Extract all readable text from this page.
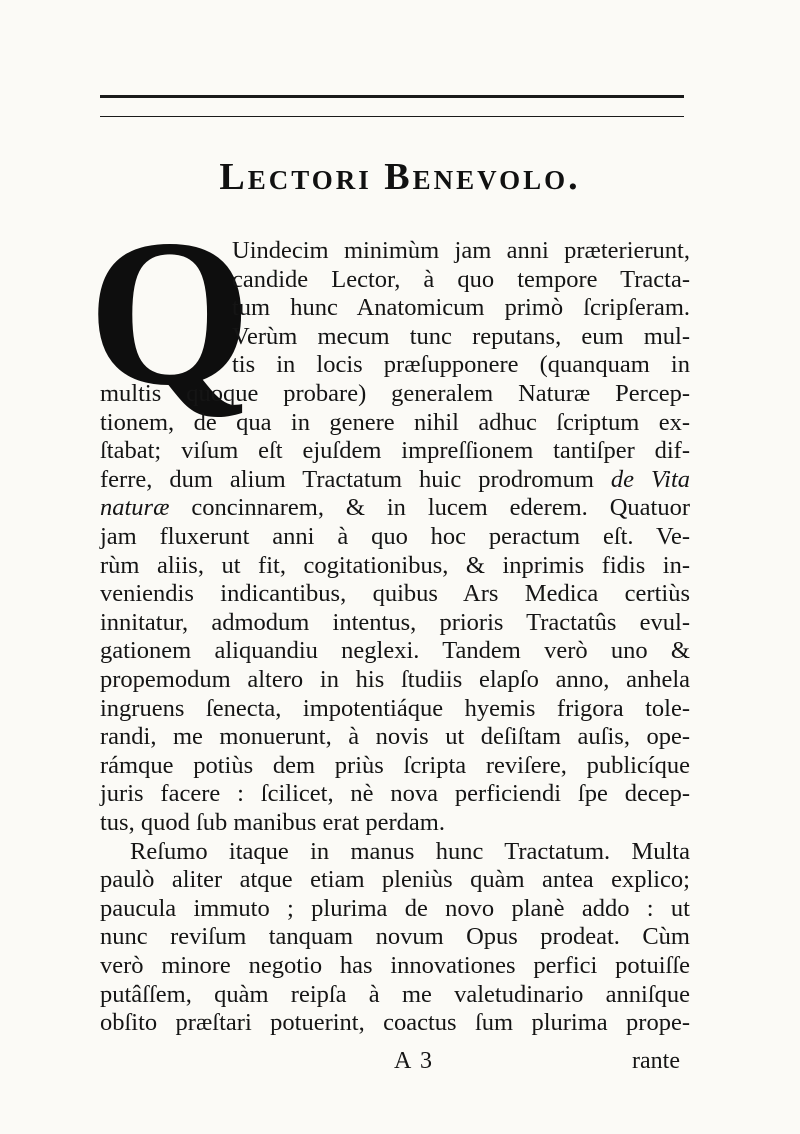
Lectori Benevolo.
Q
Uindecim minimùm jam anni præterierunt,
candide Lector, à quo tempore Tracta-
tum hunc Anatomicum primò ſcripſeram.
Verùm mecum tunc reputans, eum mul-
tis in locis præſupponere (quanquam in
multis quoque probare) generalem Naturæ Percep-
tionem, de qua in genere nihil adhuc ſcriptum ex-
ſtabat; viſum eſt ejuſdem impreſſionem tantiſper dif-
ferre, dum alium Tractatum huic prodromum de Vita
naturæ concinnarem, & in lucem ederem. Quatuor
jam fluxerunt anni à quo hoc peractum eſt. Ve-
rùm aliis, ut fit, cogitationibus, & inprimis fidis in-
veniendis indicantibus, quibus Ars Medica certiùs
innitatur, admodum intentus, prioris Tractatûs evul-
gationem aliquandiu neglexi. Tandem verò uno &
propemodum altero in his ſtudiis elapſo anno, anhela
ingruens ſenecta, impotentiáque hyemis frigora tole-
randi, me monuerunt, à novis ut deſiſtam auſis, ope-
rámque potiùs dem priùs ſcripta reviſere, publicíque
juris facere : ſcilicet, nè nova perficiendi ſpe decep-
tus, quod ſub manibus erat perdam.
Reſumo itaque in manus hunc Tractatum. Multa
paulò aliter atque etiam pleniùs quàm antea explico;
paucula immuto ; plurima de novo planè addo : ut
nunc reviſum tanquam novum Opus prodeat. Cùm
verò minore negotio has innovationes perfici potuiſſe
putâſſem, quàm reipſa à me valetudinario anniſque
A 3	rante
obſito præſtari potuerint, coactus ſum plurima prope-
